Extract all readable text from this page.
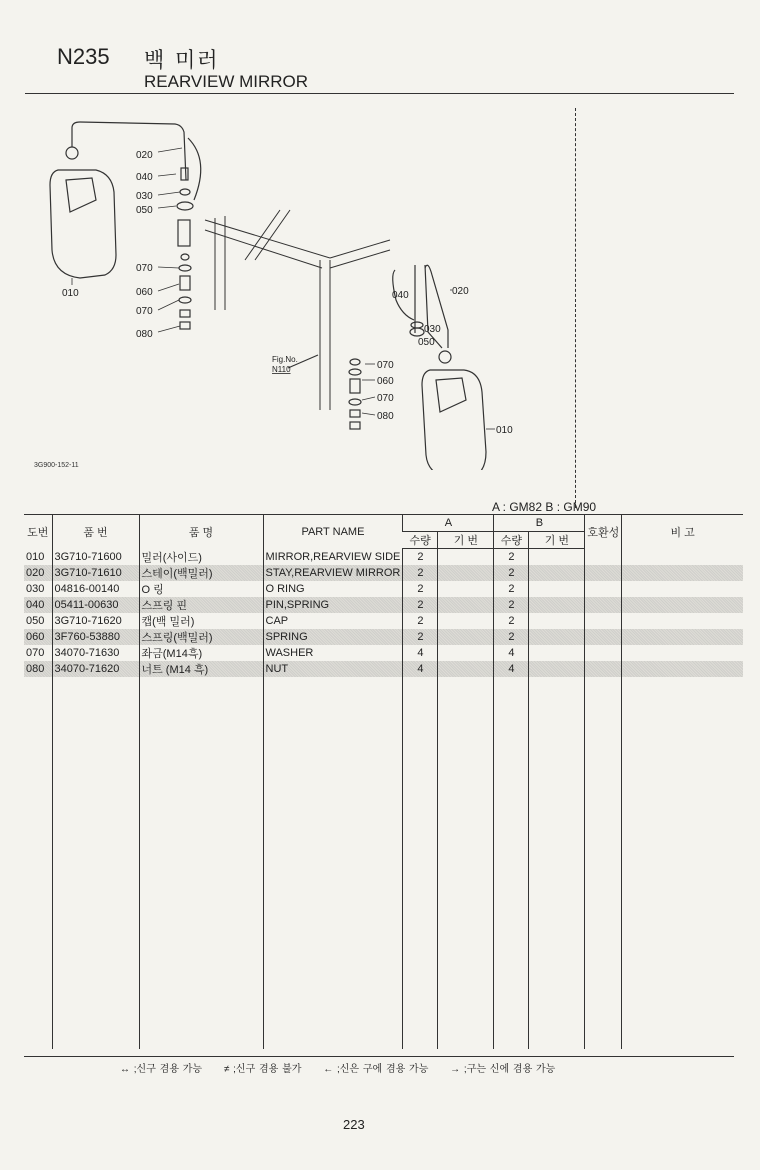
N235 백 미러
REARVIEW MIRROR
020
040
030
050
070
060
070
080
010	040	020
030
050
070
060
070
080
010
Fig.No.
N110
3G900-152-11
A : GM82 B : GM90
도번	품 번	품 명	PART NAME	A		B		호환성	비 고
				수량	기 번	수량	기 번		
010	3G710-71600	밀러(사이드)	MIRROR,REARVIEW SIDE	2		2			
020	3G710-71610	스테이(백밀러)	STAY,REARVIEW MIRROR	2		2			
030	04816-00140	O 링	O RING	2		2			
040	05411-00630	스프링 핀	PIN,SPRING	2		2			
050	3G710-71620	캡(백 밀러)	CAP	2		2			
060	3F760-53880	스프링(백밀러)	SPRING	2		2			
070	34070-71630	좌금(M14흑)	WASHER	4		4			
080	34070-71620	너트 (M14 흑)	NUT	4		4			

↔ ;신구 겸용 가능 ≠ ;신구 겸용 불가 ← ;신은 구에 겸용 가능 → ;구는 신에 겸용 가능
223
